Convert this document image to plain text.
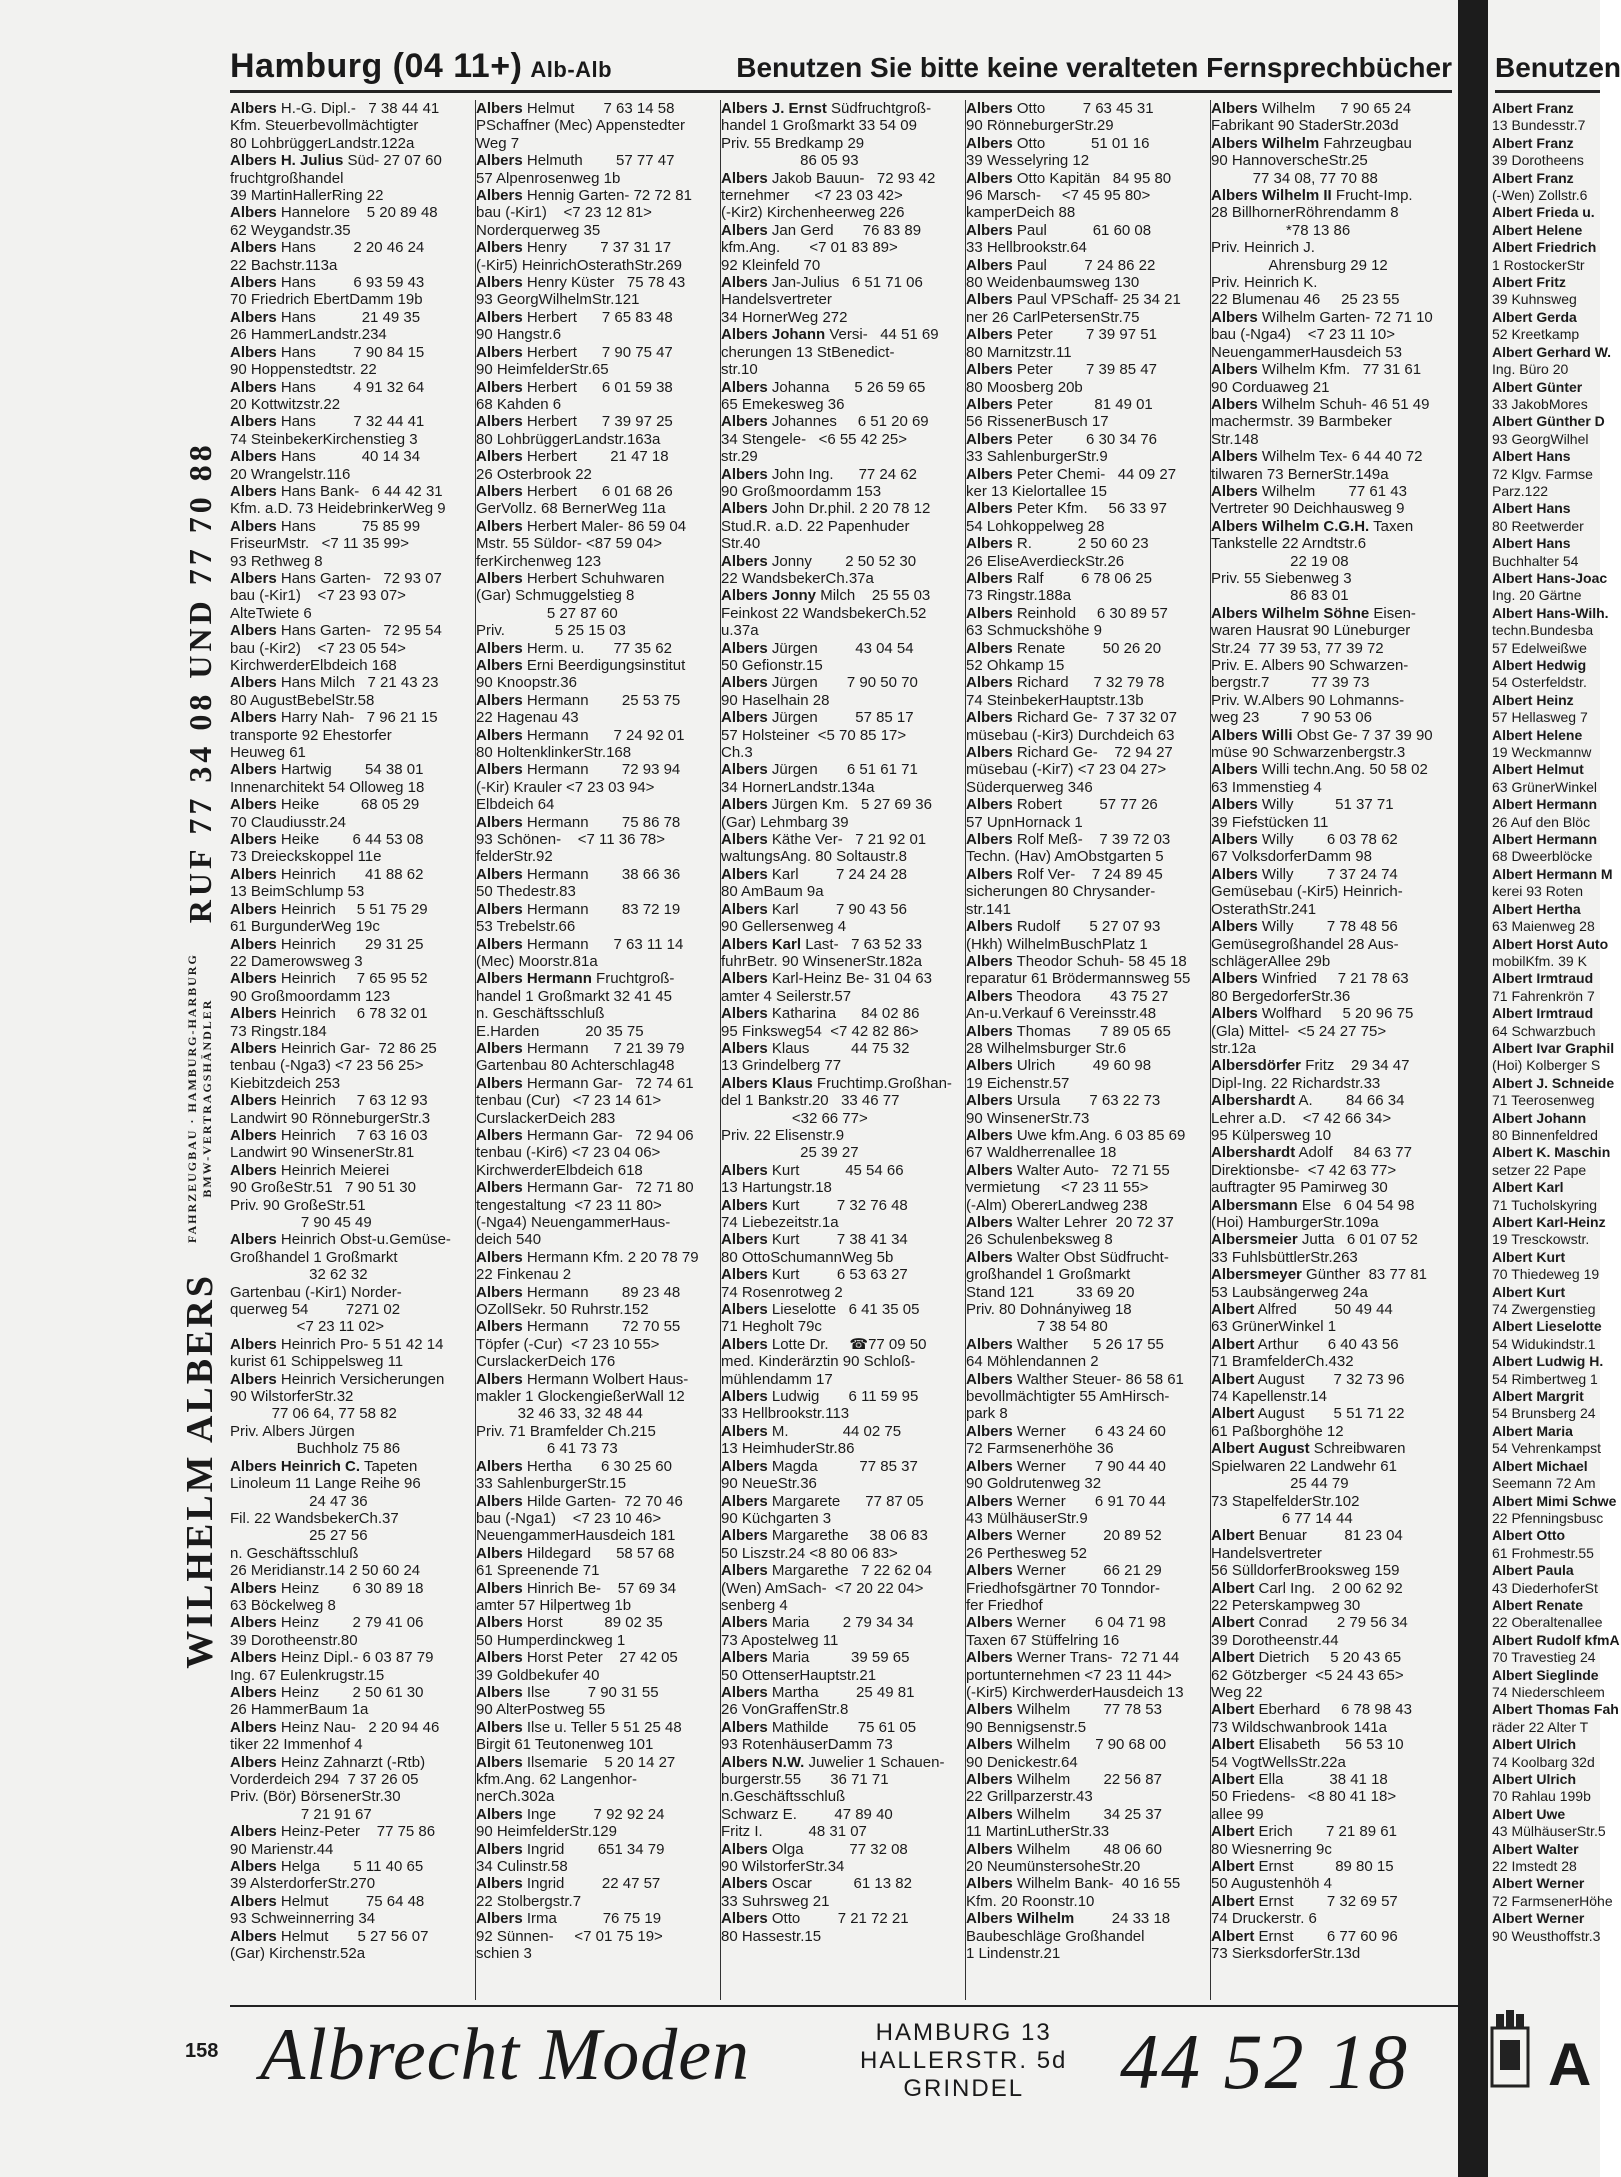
Hamburg (04 11+) Alb-Alb	Benutzen Sie bitte keine veralteten Fernsprechbücher Benutzen
WILHELM ALBERS
FAHRZEUGBAU · HAMBURG-HARBURG
BMW-VERTRAGSHÄNDLER
RUF 77 34 08 UND 77 70 88
Albers H.-G. Dipl.-   7 38 44 41
Kfm. Steuerbevollmächtigter
80 LohbrüggerLandstr.122a
Albers H. Julius Süd- 27 07 60
fruchtgroßhandel
39 MartinHallerRing 22
Albers Hannelore    5 20 89 48
62 Weygandstr.35
Albers Hans         2 20 46 24
22 Bachstr.113a
Albers Hans         6 93 59 43
70 Friedrich EbertDamm 19b
Albers Hans           21 49 35
26 HammerLandstr.234
Albers Hans         7 90 84 15
90 Hoppenstedtstr. 22
Albers Hans         4 91 32 64
20 Kottwitzstr.22
Albers Hans         7 32 44 41
74 SteinbekerKirchenstieg 3
Albers Hans           40 14 34
20 Wrangelstr.116
Albers Hans Bank-   6 44 42 31
Kfm. a.D. 73 HeidebrinkerWeg 9
Albers Hans           75 85 99
FriseurMstr.   <7 11 35 99>
93 Rethweg 8
Albers Hans Garten-   72 93 07
bau (-Kir1)    <7 23 93 07>
AlteTwiete 6
Albers Hans Garten-   72 95 54
bau (-Kir2)    <7 23 05 54>
KirchwerderElbdeich 168
Albers Hans Milch   7 21 43 23
80 AugustBebelStr.58
Albers Harry Nah-   7 96 21 15
transporte 92 Ehestorfer
Heuweg 61
Albers Hartwig        54 38 01
Innenarchitekt 54 Olloweg 18
Albers Heike          68 05 29
70 Claudiusstr.24
Albers Heike        6 44 53 08
73 Dreieckskoppel 11e
Albers Heinrich       41 88 62
13 BeimSchlump 53
Albers Heinrich     5 51 75 29
61 BurgunderWeg 19c
Albers Heinrich       29 31 25
22 Damerowsweg 3
Albers Heinrich     7 65 95 52
90 Großmoordamm 123
Albers Heinrich     6 78 32 01
73 Ringstr.184
Albers Heinrich Gar-  72 86 25
tenbau (-Nga3) <7 23 56 25>
Kiebitzdeich 253
Albers Heinrich     7 63 12 93
Landwirt 90 RönneburgerStr.3
Albers Heinrich     7 63 16 03
Landwirt 90 WinsenerStr.81
Albers Heinrich Meierei
90 GroßeStr.51   7 90 51 30
Priv. 90 GroßeStr.51
7 90 45 49
Albers Heinrich Obst-u.Gemüse-
Großhandel 1 Großmarkt
32 62 32
Gartenbau (-Kir1) Norder-
querweg 54         7271 02
<7 23 11 02>
Albers Heinrich Pro- 5 51 42 14
kurist 61 Schippelsweg 11
Albers Heinrich Versicherungen
90 WilstorferStr.32
77 06 64, 77 58 82
Priv. Albers Jürgen
Buchholz 75 86
Albers Heinrich C. Tapeten
Linoleum 11 Lange Reihe 96
24 47 36
Fil. 22 WandsbekerCh.37
25 27 56
n. Geschäftsschluß
26 Meridianstr.14 2 50 60 24
Albers Heinz        6 30 89 18
63 Böckelweg 8
Albers Heinz        2 79 41 06
39 Dorotheenstr.80
Albers Heinz Dipl.- 6 03 87 79
Ing. 67 Eulenkrugstr.15
Albers Heinz        2 50 61 30
26 HammerBaum 1a
Albers Heinz Nau-   2 20 94 46
tiker 22 Immenhof 4
Albers Heinz Zahnarzt (-Rtb)
Vorderdeich 294  7 37 26 05
Priv. (Bör) BörsenerStr.30
7 21 91 67
Albers Heinz-Peter    77 75 86
90 Marienstr.44
Albers Helga        5 11 40 65
39 AlsterdorferStr.270
Albers Helmut         75 64 48
93 Schweinnerring 34
Albers Helmut       5 27 56 07
(Gar) Kirchenstr.52a
Albers Helmut       7 63 14 58
PSchaffner (Mec) Appenstedter
Weg 7
Albers Helmuth        57 77 47
57 Alpenrosenweg 1b
Albers Hennig Garten- 72 72 81
bau (-Kir1)    <7 23 12 81>
Norderquerweg 35
Albers Henry        7 37 31 17
(-Kir5) HeinrichOsterathStr.269
Albers Henry Küster   75 78 43
93 GeorgWilhelmStr.121
Albers Herbert      7 65 83 48
90 Hangstr.6
Albers Herbert      7 90 75 47
90 HeimfelderStr.65
Albers Herbert      6 01 59 38
68 Kahden 6
Albers Herbert      7 39 97 25
80 LohbrüggerLandstr.163a
Albers Herbert        21 47 18
26 Osterbrook 22
Albers Herbert      6 01 68 26
GerVollz. 68 BernerWeg 11a
Albers Herbert Maler- 86 59 04
Mstr. 55 Süldor- <87 59 04>
ferKirchenweg 123
Albers Herbert Schuhwaren
(Gar) Schmuggelstieg 8
5 27 87 60
Priv.            5 25 15 03
Albers Herm. u.       77 35 62
Albers Erni Beerdigungsinstitut
90 Knoopstr.36
Albers Hermann        25 53 75
22 Hagenau 43
Albers Hermann      7 24 92 01
80 HoltenklinkerStr.168
Albers Hermann        72 93 94
(-Kir) Krauler <7 23 03 94>
Elbdeich 64
Albers Hermann        75 86 78
93 Schönen-    <7 11 36 78>
felderStr.92
Albers Hermann        38 66 36
50 Thedestr.83
Albers Hermann        83 72 19
53 Trebelstr.66
Albers Hermann      7 63 11 14
(Mec) Moorstr.81a
Albers Hermann Fruchtgroß-
handel 1 Großmarkt 32 41 45
n. Geschäftsschluß
E.Harden           20 35 75
Albers Hermann      7 21 39 79
Gartenbau 80 Achterschlag48
Albers Hermann Gar-   72 74 61
tenbau (Cur)   <7 23 14 61>
CurslackerDeich 283
Albers Hermann Gar-   72 94 06
tenbau (-Kir6) <7 23 04 06>
KirchwerderElbdeich 618
Albers Hermann Gar-   72 71 80
tengestaltung  <7 23 11 80>
(-Nga4) NeuengammerHaus-
deich 540
Albers Hermann Kfm. 2 20 78 79
22 Finkenau 2
Albers Hermann        89 23 48
OZollSekr. 50 Ruhrstr.152
Albers Hermann        72 70 55
Töpfer (-Cur)  <7 23 10 55>
CurslackerDeich 176
Albers Hermann Wolbert Haus-
makler 1 GlockengießerWall 12
32 46 33, 32 48 44
Priv. 71 Bramfelder Ch.215
6 41 73 73
Albers Hertha       6 30 25 60
33 SahlenburgerStr.15
Albers Hilde Garten-  72 70 46
bau (-Nga1)    <7 23 10 46>
NeuengammerHausdeich 181
Albers Hildegard      58 57 68
61 Spreenende 71
Albers Hinrich Be-    57 69 34
amter 57 Hilpertweg 1b
Albers Horst          89 02 35
50 Humperdinckweg 1
Albers Horst Peter    27 42 05
39 Goldbekufer 40
Albers Ilse         7 90 31 55
90 AlterPostweg 55
Albers Ilse u. Teller 5 51 25 48
Birgit 61 Teutonenweg 101
Albers Ilsemarie    5 20 14 27
kfm.Ang. 62 Langenhor-
nerCh.302a
Albers Inge         7 92 92 24
90 HeimfelderStr.129
Albers Ingrid        651 34 79
34 Culinstr.58
Albers Ingrid         22 47 57
22 Stolbergstr.7
Albers Irma           76 75 19
92 Sünnen-     <7 01 75 19>
schien 3
Albers J. Ernst Südfruchtgroß-
handel 1 Großmarkt 33 54 09
Priv. 55 Bredkamp 29
86 05 93
Albers Jakob Bauun-   72 93 42
ternehmer      <7 23 03 42>
(-Kir2) Kirchenheerweg 226
Albers Jan Gerd       76 83 89
kfm.Ang.       <7 01 83 89>
92 Kleinfeld 70
Albers Jan-Julius   6 51 71 06
Handelsvertreter
34 HornerWeg 272
Albers Johann Versi-   44 51 69
cherungen 13 StBenedict-
str.10
Albers Johanna      5 26 59 65
65 Emekesweg 36
Albers Johannes     6 51 20 69
34 Stengele-   <6 55 42 25>
str.29
Albers John Ing.      77 24 62
90 Großmoordamm 153
Albers John Dr.phil. 2 20 78 12
Stud.R. a.D. 22 Papenhuder
Str.40
Albers Jonny        2 50 52 30
22 WandsbekerCh.37a
Albers Jonny Milch    25 55 03
Feinkost 22 WandsbekerCh.52
u.37a
Albers Jürgen         43 04 54
50 Gefionstr.15
Albers Jürgen       7 90 50 70
90 Haselhain 28
Albers Jürgen         57 85 17
57 Holsteiner  <5 70 85 17>
Ch.3
Albers Jürgen       6 51 61 71
34 HornerLandstr.134a
Albers Jürgen Km.   5 27 69 36
(Gar) Lehmbarg 39
Albers Käthe Ver-   7 21 92 01
waltungsAng. 80 Soltaustr.8
Albers Karl         7 24 24 28
80 AmBaum 9a
Albers Karl         7 90 43 56
90 Gellersenweg 4
Albers Karl Last-   7 63 52 33
fuhrBetr. 90 WinsenerStr.182a
Albers Karl-Heinz Be- 31 04 63
amter 4 Seilerstr.57
Albers Katharina      84 02 86
95 Finksweg54  <7 42 82 86>
Albers Klaus          44 75 32
13 Grindelberg 77
Albers Klaus Fruchtimp.Großhan-
del 1 Bankstr.20   33 46 77
<32 66 77>
Priv. 22 Elisenstr.9
25 39 27
Albers Kurt           45 54 66
13 Hartungstr.18
Albers Kurt         7 32 76 48
74 Liebezeitstr.1a
Albers Kurt         7 38 41 34
80 OttoSchumannWeg 5b
Albers Kurt         6 53 63 27
74 Rosenrotweg 2
Albers Lieselotte   6 41 35 05
71 Hegholt 79c
Albers Lotte Dr.     ☎77 09 50
med. Kinderärztin 90 Schloß-
mühlendamm 17
Albers Ludwig       6 11 59 95
33 Hellbrookstr.113
Albers M.             44 02 75
13 HeimhuderStr.86
Albers Magda          77 85 37
90 NeueStr.36
Albers Margarete      77 87 05
90 Küchgarten 3
Albers Margarethe     38 06 83
50 Liszstr.24 <8 80 06 83>
Albers Margarethe   7 22 62 04
(Wen) AmSach-  <7 20 22 04>
senberg 4
Albers Maria        2 79 34 34
73 Apostelweg 11
Albers Maria          39 59 65
50 OttenserHauptstr.21
Albers Martha         25 49 81
26 VonGraffenStr.8
Albers Mathilde       75 61 05
93 RotenhäuserDamm 73
Albers N.W. Juwelier 1 Schauen-
burgerstr.55       36 71 71
n.Geschäftsschluß
Schwarz E.         47 89 40
Fritz I.           48 31 07
Albers Olga           77 32 08
90 WilstorferStr.34
Albers Oscar          61 13 82
33 Suhrsweg 21
Albers Otto         7 21 72 21
80 Hassestr.15
Albers Otto         7 63 45 31
90 RönneburgerStr.29
Albers Otto           51 01 16
39 Wesselyring 12
Albers Otto Kapitän   84 95 80
96 Marsch-     <7 45 95 80>
kamperDeich 88
Albers Paul           61 60 08
33 Hellbrookstr.64
Albers Paul         7 24 86 22
80 Weidenbaumsweg 130
Albers Paul VPSchaff- 25 34 21
ner 26 CarlPetersenStr.75
Albers Peter        7 39 97 51
80 Marnitzstr.11
Albers Peter        7 39 85 47
80 Moosberg 20b
Albers Peter          81 49 01
56 RissenerBusch 17
Albers Peter        6 30 34 76
33 SahlenburgerStr.9
Albers Peter Chemi-   44 09 27
ker 13 Kielortallee 15
Albers Peter Kfm.     56 33 97
54 Lohkoppelweg 28
Albers R.           2 50 60 23
26 EliseAverdieckStr.26
Albers Ralf         6 78 06 25
73 Ringstr.188a
Albers Reinhold     6 30 89 57
63 Schmuckshöhe 9
Albers Renate         50 26 20
52 Ohkamp 15
Albers Richard      7 32 79 78
74 SteinbekerHauptstr.13b
Albers Richard Ge-  7 37 32 07
müsebau (-Kir3) Durchdeich 63
Albers Richard Ge-    72 94 27
müsebau (-Kir7) <7 23 04 27>
Süderquerweg 346
Albers Robert         57 77 26
57 UpnHornack 1
Albers Rolf Meß-    7 39 72 03
Techn. (Hav) AmObstgarten 5
Albers Rolf Ver-    7 24 89 45
sicherungen 80 Chrysander-
str.141
Albers Rudolf       5 27 07 93
(Hkh) WilhelmBuschPlatz 1
Albers Theodor Schuh- 58 45 18
reparatur 61 Brödermannsweg 55
Albers Theodora       43 75 27
An-u.Verkauf 6 Vereinsstr.48
Albers Thomas       7 89 05 65
28 Wilhelmsburger Str.6
Albers Ulrich         49 60 98
19 Eichenstr.57
Albers Ursula       7 63 22 73
90 WinsenerStr.73
Albers Uwe kfm.Ang. 6 03 85 69
67 Waldherrenallee 18
Albers Walter Auto-   72 71 55
vermietung     <7 23 11 55>
(-Alm) ObererLandweg 238
Albers Walter Lehrer  20 72 37
26 Schulenbeksweg 8
Albers Walter Obst Südfrucht-
großhandel 1 Großmarkt
Stand 121          33 69 20
Priv. 80 Dohnányiweg 18
7 38 54 80
Albers Walther      5 26 17 55
64 Möhlendannen 2
Albers Walther Steuer- 86 58 61
bevollmächtigter 55 AmHirsch-
park 8
Albers Werner       6 43 24 60
72 Farmsenerhöhe 36
Albers Werner       7 90 44 40
90 Goldrutenweg 32
Albers Werner       6 91 70 44
43 MülhäuserStr.9
Albers Werner         20 89 52
26 Perthesweg 52
Albers Werner         66 21 29
Friedhofsgärtner 70 Tonndor-
fer Friedhof
Albers Werner       6 04 71 98
Taxen 67 Stüffelring 16
Albers Werner Trans-  72 71 44
portunternehmen <7 23 11 44>
(-Kir5) KirchwerderHausdeich 13
Albers Wilhelm        77 78 53
90 Bennigsenstr.5
Albers Wilhelm      7 90 68 00
90 Denickestr.64
Albers Wilhelm        22 56 87
22 Grillparzerstr.43
Albers Wilhelm        34 25 37
11 MartinLutherStr.33
Albers Wilhelm        48 06 60
20 NeumünstersoheStr.20
Albers Wilhelm Bank-  40 16 55
Kfm. 20 Roonstr.10
Albers Wilhelm         24 33 18
Baubeschläge Großhandel
1 Lindenstr.21
Albers Wilhelm      7 90 65 24
Fabrikant 90 StaderStr.203d
Albers Wilhelm Fahrzeugbau
90 HannoverscheStr.25
77 34 08, 77 70 88
Albers Wilhelm II Frucht-Imp.
28 BillhornerRöhrendamm 8
*78 13 86
Priv. Heinrich J.
Ahrensburg 29 12
Priv. Heinrich K.
22 Blumenau 46     25 23 55
Albers Wilhelm Garten- 72 71 10
bau (-Nga4)    <7 23 11 10>
NeuengammerHausdeich 53
Albers Wilhelm Kfm.   77 31 61
90 Corduaweg 21
Albers Wilhelm Schuh- 46 51 49
machermstr. 39 Barmbeker
Str.148
Albers Wilhelm Tex- 6 44 40 72
tilwaren 73 BernerStr.149a
Albers Wilhelm        77 61 43
Vertreter 90 Deichhausweg 9
Albers Wilhelm C.G.H. Taxen
Tankstelle 22 Arndtstr.6
22 19 08
Priv. 55 Siebenweg 3
86 83 01
Albers Wilhelm Söhne Eisen-
waren Hausrat 90 Lüneburger
Str.24  77 39 53, 77 39 72
Priv. E. Albers 90 Schwarzen-
bergstr.7          77 39 73
Priv. W.Albers 90 Lohmanns-
weg 23          7 90 53 06
Albers Willi Obst Ge- 7 37 39 90
müse 90 Schwarzenbergstr.3
Albers Willi techn.Ang. 50 58 02
63 Immenstieg 4
Albers Willy          51 37 71
39 Fiefstücken 11
Albers Willy        6 03 78 62
67 VolksdorferDamm 98
Albers Willy        7 37 24 74
Gemüsebau (-Kir5) Heinrich-
OsterathStr.241
Albers Willy        7 78 48 56
Gemüsegroßhandel 28 Aus-
schlägerAllee 29b
Albers Winfried     7 21 78 63
80 BergedorferStr.36
Albers Wolfhard     5 20 96 75
(Gla) Mittel-  <5 24 27 75>
str.12a
Albersdörfer Fritz    29 34 47
Dipl-Ing. 22 Richardstr.33
Albershardt A.        84 66 34
Lehrer a.D.    <7 42 66 34>
95 Külpersweg 10
Albershardt Adolf     84 63 77
Direktionsbe-  <7 42 63 77>
auftragter 95 Pamirweg 30
Albersmann Else   6 04 54 98
(Hoi) HamburgerStr.109a
Albersmeier Jutta   6 01 07 52
33 FuhlsbüttlerStr.263
Albersmeyer Günther  83 77 81
53 Laubsängerweg 24a
Albert Alfred         50 49 44
63 GrünerWinkel 1
Albert Arthur       6 40 43 56
71 BramfelderCh.432
Albert August       7 32 73 96
74 Kapellenstr.14
Albert August       5 51 71 22
61 Paßborghöhe 12
Albert August Schreibwaren
Spielwaren 22 Landwehr 61
25 44 79
73 StapelfelderStr.102
6 77 14 44
Albert Benuar         81 23 04
Handelsvertreter
56 SülldorferBrooksweg 159
Albert Carl Ing.    2 00 62 92
22 Peterskampweg 30
Albert Conrad       2 79 56 34
39 Dorotheenstr.44
Albert Dietrich     5 20 43 65
62 Götzberger  <5 24 43 65>
Weg 22
Albert Eberhard     6 78 98 43
73 Wildschwanbrook 141a
Albert Elisabeth      56 53 10
54 VogtWellsStr.22a
Albert Ella           38 41 18
50 Friedens-   <8 80 41 18>
allee 99
Albert Erich        7 21 89 61
80 Wiesnerring 9c
Albert Ernst          89 80 15
50 Augustenhöh 4
Albert Ernst        7 32 69 57
74 Druckerstr. 6
Albert Ernst        6 77 60 96
73 SierksdorferStr.13d
Albert Franz
13 Bundesstr.7
Albert Franz
39 Dorotheens
Albert Franz
(-Wen) Zollstr.6
Albert Frieda u.
Albert Helene
Albert Friedrich
1 RostockerStr
Albert Fritz
39 Kuhnsweg
Albert Gerda
52 Kreetkamp
Albert Gerhard W.
Ing. Büro 20
Albert Günter
33 JakobMores
Albert Günther D
93 GeorgWilhel
Albert Hans
72 Klgv. Farmse
Parz.122
Albert Hans
80 Reetwerder
Albert Hans
Buchhalter 54
Albert Hans-Joac
Ing. 20 Gärtne
Albert Hans-Wilh.
techn.Bundesba
57 Edelweißwe
Albert Hedwig
54 Osterfeldstr.
Albert Heinz
57 Hellasweg 7
Albert Helene
19 Weckmannw
Albert Helmut
63 GrünerWinkel
Albert Hermann
26 Auf den Blöc
Albert Hermann
68 Dweerblöcke
Albert Hermann M
kerei 93 Roten
Albert Hertha
63 Maienweg 28
Albert Horst Auto
mobilKfm. 39 K
Albert Irmtraud
71 Fahrenkrön 7
Albert Irmtraud
64 Schwarzbuch
Albert Ivar Graphil
(Hoi) Kolberger S
Albert J. Schneide
71 Teerosenweg
Albert Johann
80 Binnenfeldred
Albert K. Maschin
setzer 22 Pape
Albert Karl
71 Tucholskyring
Albert Karl-Heinz
19 Tresckowstr.
Albert Kurt
70 Thiedeweg 19
Albert Kurt
74 Zwergenstieg
Albert Lieselotte
54 Widukindstr.1
Albert Ludwig H.
54 Rimbertweg 1
Albert Margrit
54 Brunsberg 24
Albert Maria
54 Vehrenkampst
Albert Michael
Seemann 72 Am
Albert Mimi Schwe
22 Pfenningsbusc
Albert Otto
61 Frohmestr.55
Albert Paula
43 DiederhoferSt
Albert Renate
22 Oberaltenallee
Albert Rudolf kfmA
70 Travestieg 24
Albert Sieglinde
74 Niederschleem
Albert Thomas Fah
räder 22 Alter T
Albert Ulrich
74 Koolbarg 32d
Albert Ulrich
70 Rahlau 199b
Albert Uwe
43 MülhäuserStr.5
Albert Walter
22 Imstedt 28
Albert Werner
72 FarmsenerHöhe
Albert Werner
90 Weusthoffstr.3
Albrecht Moden	HAMBURG 13
HALLERSTR. 5d
GRINDEL	44 52 18
158	A
